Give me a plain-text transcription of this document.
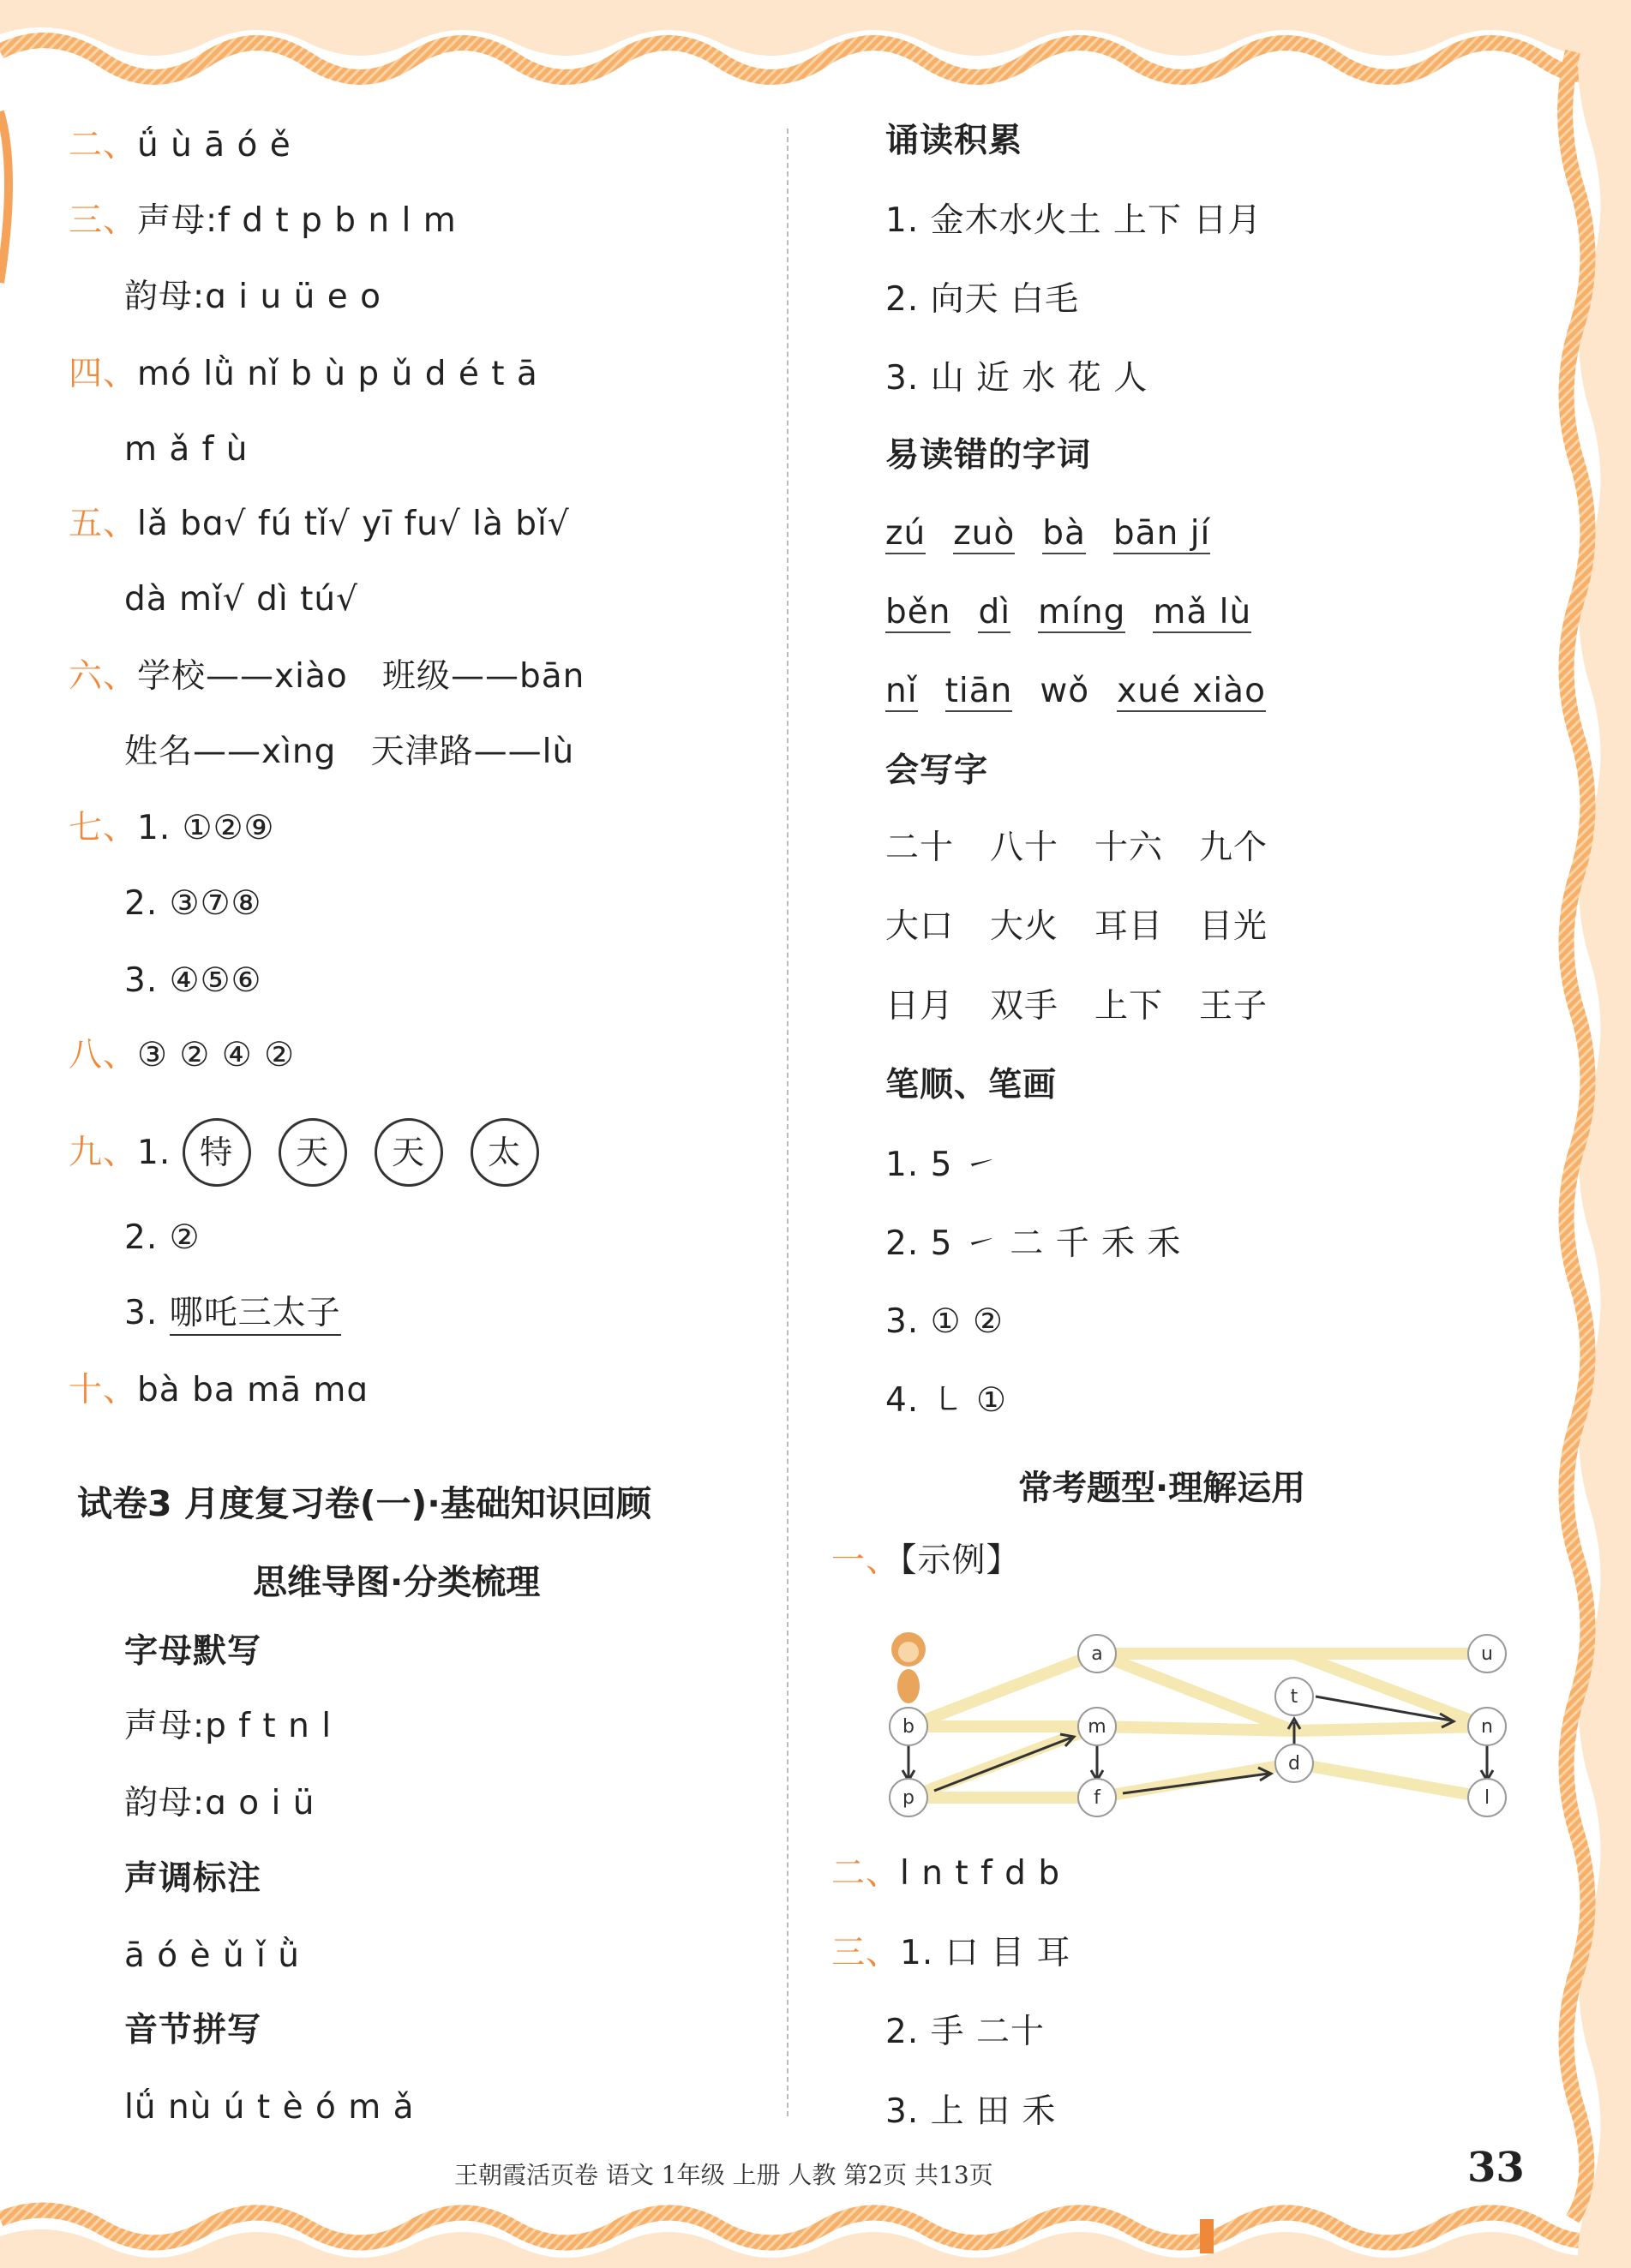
二、ǘ ù ā ó ě
三、声母:f d t p b n l m
韵母:ɑ i u ü e o
四、mó lǜ nǐ b ù p ǔ d é t ā
m ǎ f ù
五、lǎ bɑ√ fú tǐ√ yī fu√ là bǐ√
dà mǐ√ dì tú√
六、学校——xiào 班级——bān
姓名——xìng 天津路——lù
七、1. ①②⑨
2. ③⑦⑧
3. ④⑤⑥
八、③ ② ④ ②
九、1. 特 天 天 太
2. ②
3. 哪吒三太子
十、bà ba mā mɑ
试卷3 月度复习卷(一)·基础知识回顾
思维导图·分类梳理
字母默写
声母:p f t n l
韵母:ɑ o i ü
声调标注
ā ó è ǔ ǐ ǜ
音节拼写
lǘ nù ú t è ó m ǎ
诵读积累
1. 金木水火土 上下 日月
2. 向天 白毛
3. 山 近 水 花 人
易读错的字词
zú zuò bà bān jí
běn dì míng mǎ lù
nǐ tiān wǒ xué xiào
会写字
二十 八十 十六 九个
大口 大火 耳目 目光
日月 双手 上下 王子
笔顺、笔画
1. 5 ㇀
2. 5 ㇀ 二 千 禾 禾
3. ① ②
4. ㇄ ①
常考题型·理解运用
一、【示例】
a	u
b	m
t
n
d
p	f	l
二、l n t f d b
三、1. 口 目 耳
2. 手 二十
3. 上 田 禾
王朝霞活页卷 语文 1年级 上册 人教 第2页 共13页	33
